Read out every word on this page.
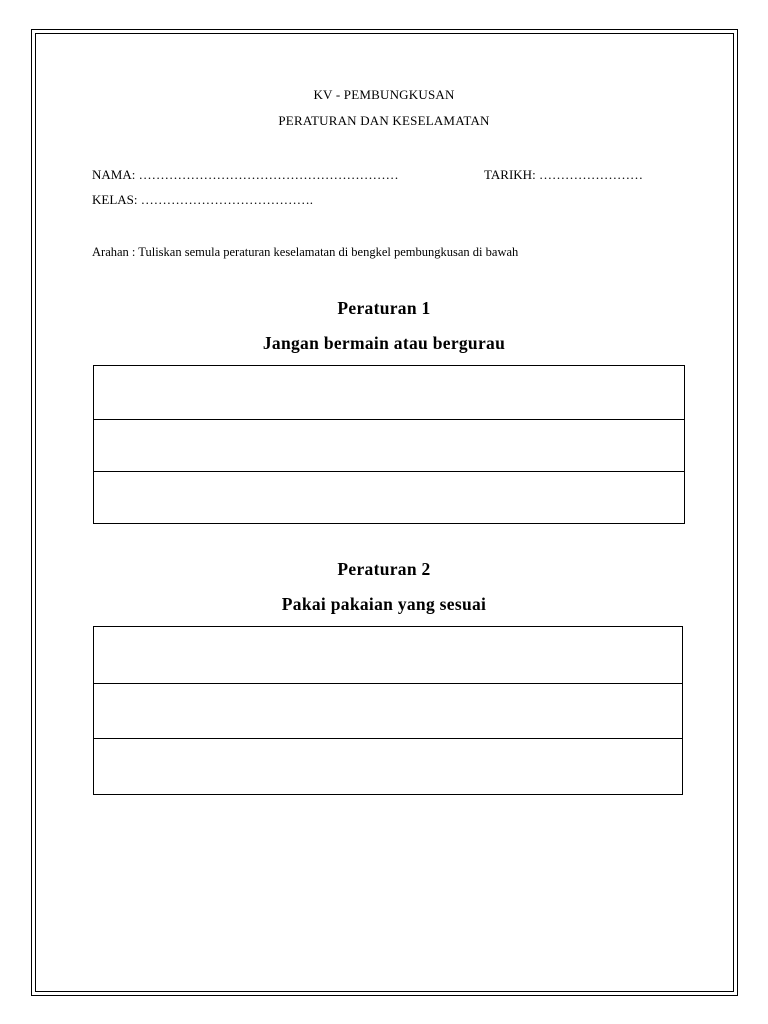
KV - PEMBUNGKUSAN
PERATURAN DAN KESELAMATAN
NAMA: ……………………………………………………	TARIKH: ……………………
KELAS: ………………………………….
Arahan : Tuliskan semula peraturan keselamatan di bengkel pembungkusan di bawah
Peraturan 1
Jangan bermain atau bergurau
Peraturan 2
Pakai pakaian yang sesuai
